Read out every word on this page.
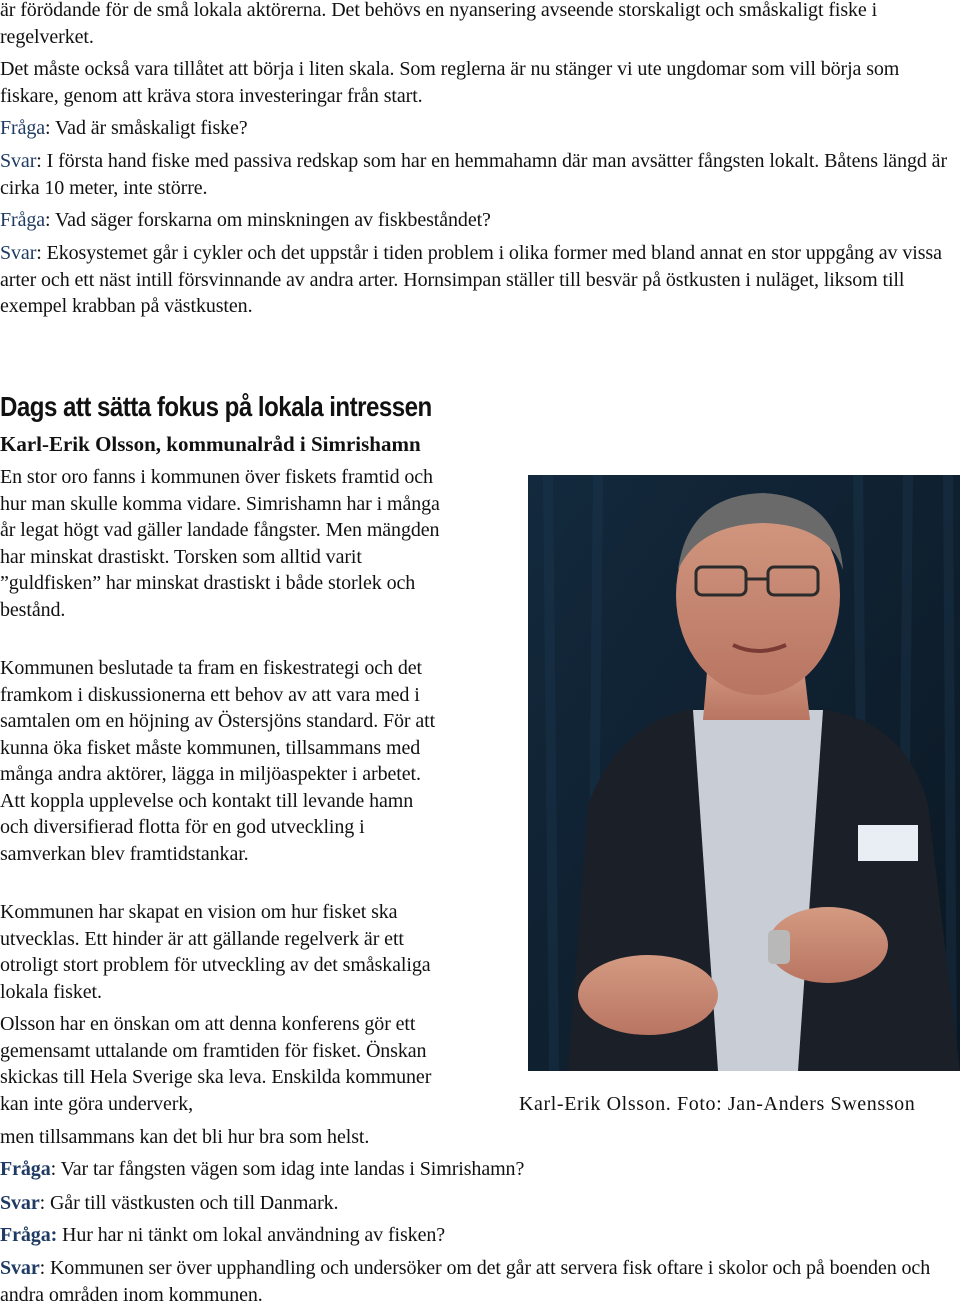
är förödande för de små lokala aktörerna. Det behövs en nyansering avseende storskaligt och småskaligt fiske i regelverket.

Det måste också vara tillåtet att börja i liten skala. Som reglerna är nu stänger vi ute ungdomar som vill börja som fiskare, genom att kräva stora investeringar från start.

Fråga: Vad är småskaligt fiske?

Svar: I första hand fiske med passiva redskap som har en hemmahamn där man avsätter fångsten lokalt. Båtens längd är cirka 10 meter, inte större.

Fråga: Vad säger forskarna om minskningen av fiskbeståndet?

Svar: Ekosystemet går i cykler och det uppstår i tiden problem i olika former med bland annat en stor uppgång av vissa arter och ett näst intill försvinnande av andra arter. Hornsimpan ställer till besvär på östkusten i nuläget, liksom till exempel krabban på västkusten.

Dags att sätta fokus på lokala intressen

Karl-Erik Olsson, kommunalråd i Simrishamn

En stor oro fanns i kommunen över fiskets framtid och hur man skulle komma vidare. Simrishamn har i många år legat högt vad gäller landade fångster. Men mängden har minskat drastiskt. Torsken som alltid varit ”guldfisken” har minskat drastiskt i både storlek och bestånd.

Kommunen beslutade ta fram en fiskestrategi och det framkom i diskussionerna ett behov av att vara med i samtalen om en höjning av Östersjöns standard. För att kunna öka fisket måste kommunen, tillsammans med många andra aktörer, lägga in miljöaspekter i arbetet. Att koppla upplevelse och kontakt till levande hamn och diversifierad flotta för en god utveckling i samverkan blev framtidstankar.

Kommunen har skapat en vision om hur fisket ska utvecklas. Ett hinder är att gällande regelverk är ett otroligt stort problem för utveckling av det småskaliga lokala fisket.

Olsson har en önskan om att denna konferens gör ett gemensamt uttalande om framtiden för fisket. Önskan skickas till Hela Sverige ska leva. Enskilda kommuner kan inte göra underverk,

men tillsammans kan det bli hur bra som helst.

Karl-Erik Olsson. Foto: Jan-Anders Swensson

Fråga: Var tar fångsten vägen som idag inte landas i Simrishamn?

Svar: Går till västkusten och till Danmark.

Fråga: Hur har ni tänkt om lokal användning av fisken?

Svar: Kommunen ser över upphandling och undersöker om det går att servera fisk oftare i skolor och på boenden och andra områden inom kommunen.
